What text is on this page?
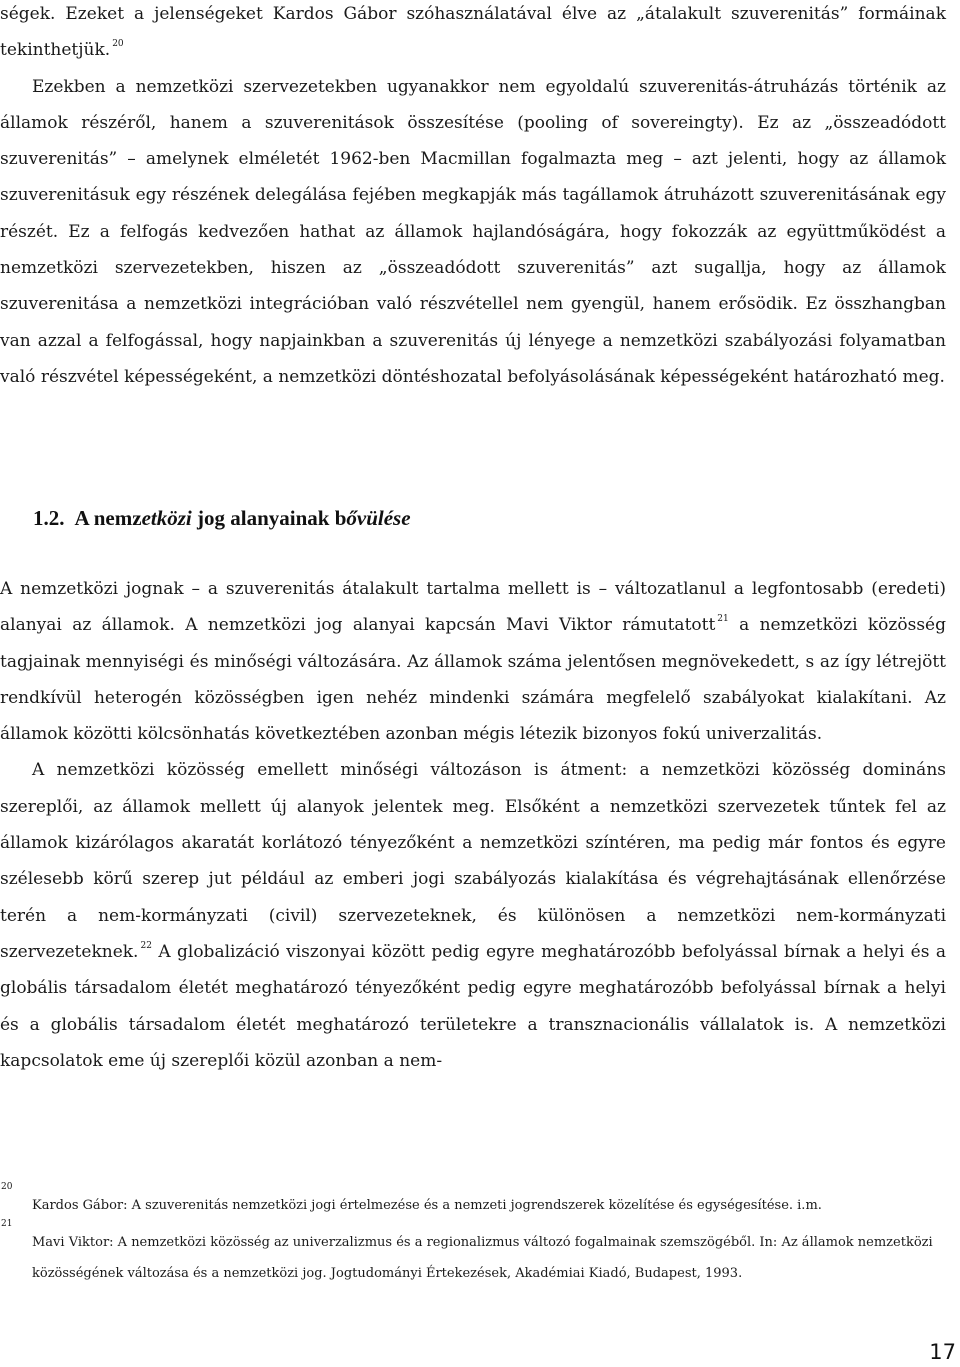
ségek. Ezeket a jelenségeket Kardos Gábor szóhasználatával élve az „átalakult szuverenitás” formáinak tekinthetjük. $^{20}$

Ezekben a nemzetközi szervezetekben ugyanakkor nem egyoldalú szuverenitás-átruházás történik az államok részéről, hanem a szuverenitások összesítése (pooling of sovereingty). Ez az „összeadódott szuverenitás” – amelynek elméletét 1962-ben Macmillan fogalmazta meg – azt jelenti, hogy az államok szuverenitásuk egy részének delegálása fejében megkapják más tagállamok átruházott szuverenitásának egy részét. Ez a felfogás kedvezően hathat az államok hajlandóságára, hogy fokozzák az együttműködést a nemzetközi szervezetekben, hiszen az „összeadódott szuverenitás” azt sugallja, hogy az államok szuverenitása a nemzetközi integrációban való részvétellel nem gyengül, hanem erősödik. Ez összhangban van azzal a felfogással, hogy napjainkban a szuverenitás új lényege a nemzetközi szabályozási folyamatban való részvétel képességeként, a nemzetközi döntéshozatal befolyásolásának képességeként határozható meg.

1.2. A nemzetközi jog alanyainak bővülése

A nemzetközi jognak – a szuverenitás átalakult tartalma mellett is – változatlanul a legfontosabb (eredeti) alanyai az államok. A nemzetközi jog alanyai kapcsán Mavi Viktor rámutatott $^{21}$ a nemzetközi közösség tagjainak mennyiségi és minőségi változására. Az államok száma jelentősen megnövekedett, s az így létrejött rendkívül heterogén közösségben igen nehéz mindenki számára megfelelő szabályokat kialakítani. Az államok közötti kölcsönhatás következtében azonban mégis létezik bizonyos fokú univerzalitás.

A nemzetközi közösség emellett minőségi változáson is átment: a nemzetközi közösség domináns szereplői, az államok mellett új alanyok jelentek meg. Elsőként a nemzetközi szervezetek tűntek fel az államok kizárólagos akaratát korlátozó tényezőként a nemzetközi színtéren, ma pedig már fontos és egyre szélesebb körű szerep jut például az emberi jogi szabályozás kialakítása és végrehajtásának ellenőrzése terén a nem-kormányzati (civil) szervezeteknek, és különösen a nemzetközi nem-kormányzati szervezeteknek. $^{22}$ A globalizáció viszonyai között pedig egyre meghatározóbb befolyással bírnak a helyi és a globális társadalom életét meghatározó tényezőként pedig egyre meghatározóbb befolyással bírnak a helyi és a globális társadalom életét meghatározó területekre a transznacionális vállalatok is. A nemzetközi kapcsolatok eme új szereplői közül azonban a nem-

20
Kardos Gábor: A szuverenitás nemzetközi jogi értelmezése és a nemzeti jogrendszerek közelítése és egységesítése. i.m.

21
Mavi Viktor: A nemzetközi közösség az univerzalizmus és a regionalizmus változó fogalmainak szemszögéből. In: Az államok nemzetközi közösségének változása és a nemzetközi jog. Jogtudományi Értekezések, Akadémiai Kiadó, Budapest, 1993.

17
